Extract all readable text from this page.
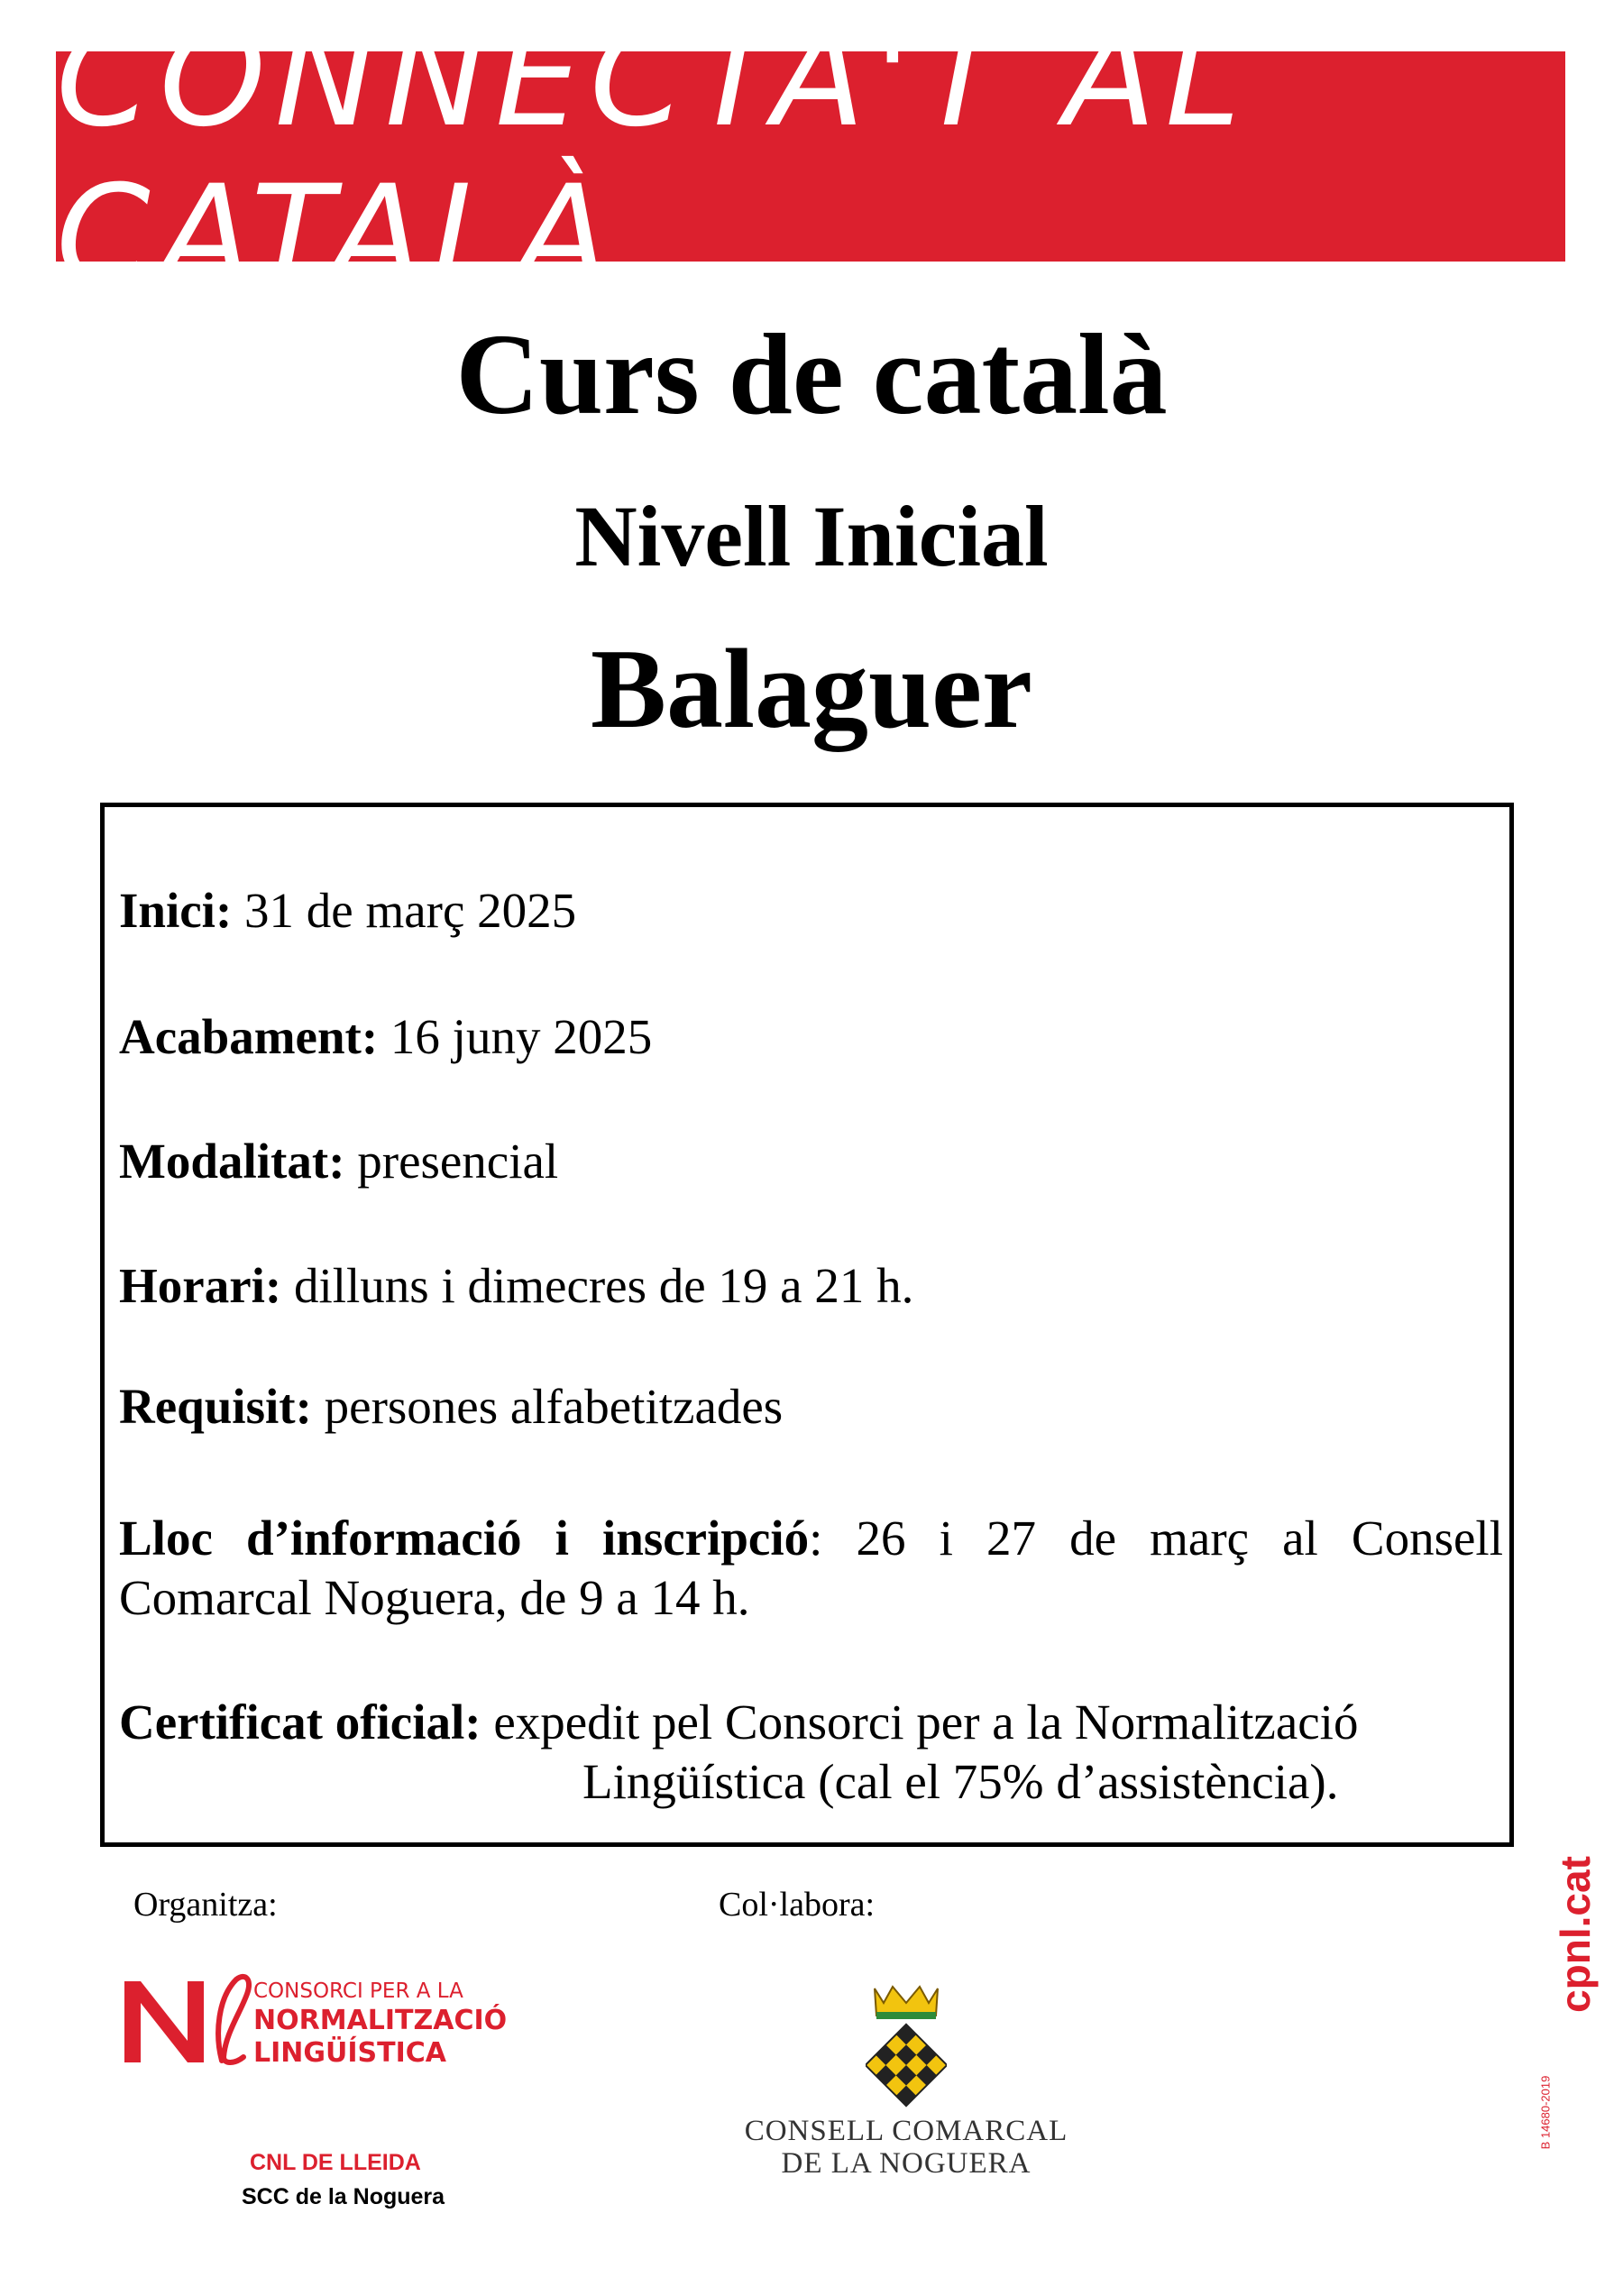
CONNECTA'T AL CATALÀ
Curs de català
Nivell Inicial
Balaguer
Inici: 31 de març 2025
Acabament: 16 juny 2025
Modalitat: presencial
Horari: dilluns i dimecres de 19 a 21 h.
Requisit: persones alfabetitzades
Lloc d’informació i inscripció: 26 i 27 de març al Consell
Comarcal Noguera, de 9 a 14 h.
Certificat oficial: expedit pel Consorci per a la Normalització
Lingüística (cal el 75% d’assistència).
Organitza:	Col·labora:
CONSORCI PER A LA
NORMALITZACIÓ
LINGÜÍSTICA
CNL DE LLEIDA
SCC de la Noguera
CONSELL COMARCAL
DE LA NOGUERA
cpnl.cat
B 14680-2019
